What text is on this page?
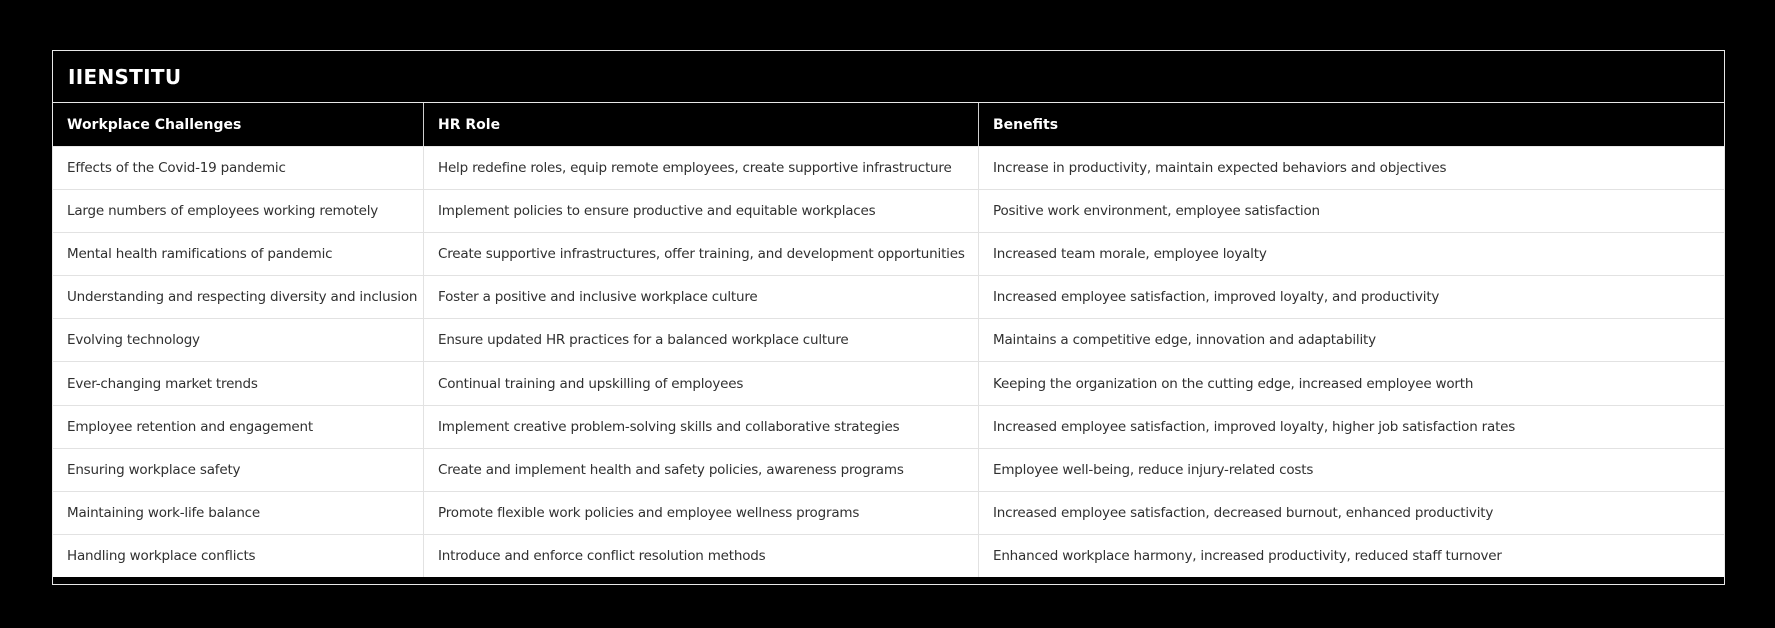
IIENSTITU
Workplace Challenges	HR Role	Benefits
Effects of the Covid-19 pandemic	Help redefine roles, equip remote employees, create supportive infrastructure	Increase in productivity, maintain expected behaviors and objectives
Large numbers of employees working remotely	Implement policies to ensure productive and equitable workplaces	Positive work environment, employee satisfaction
Mental health ramifications of pandemic	Create supportive infrastructures, offer training, and development opportunities	Increased team morale, employee loyalty
Understanding and respecting diversity and inclusion	Foster a positive and inclusive workplace culture	Increased employee satisfaction, improved loyalty, and productivity
Evolving technology	Ensure updated HR practices for a balanced workplace culture	Maintains a competitive edge, innovation and adaptability
Ever-changing market trends	Continual training and upskilling of employees	Keeping the organization on the cutting edge, increased employee worth
Employee retention and engagement	Implement creative problem-solving skills and collaborative strategies	Increased employee satisfaction, improved loyalty, higher job satisfaction rates
Ensuring workplace safety	Create and implement health and safety policies, awareness programs	Employee well-being, reduce injury-related costs
Maintaining work-life balance	Promote flexible work policies and employee wellness programs	Increased employee satisfaction, decreased burnout, enhanced productivity
Handling workplace conflicts	Introduce and enforce conflict resolution methods	Enhanced workplace harmony, increased productivity, reduced staff turnover
